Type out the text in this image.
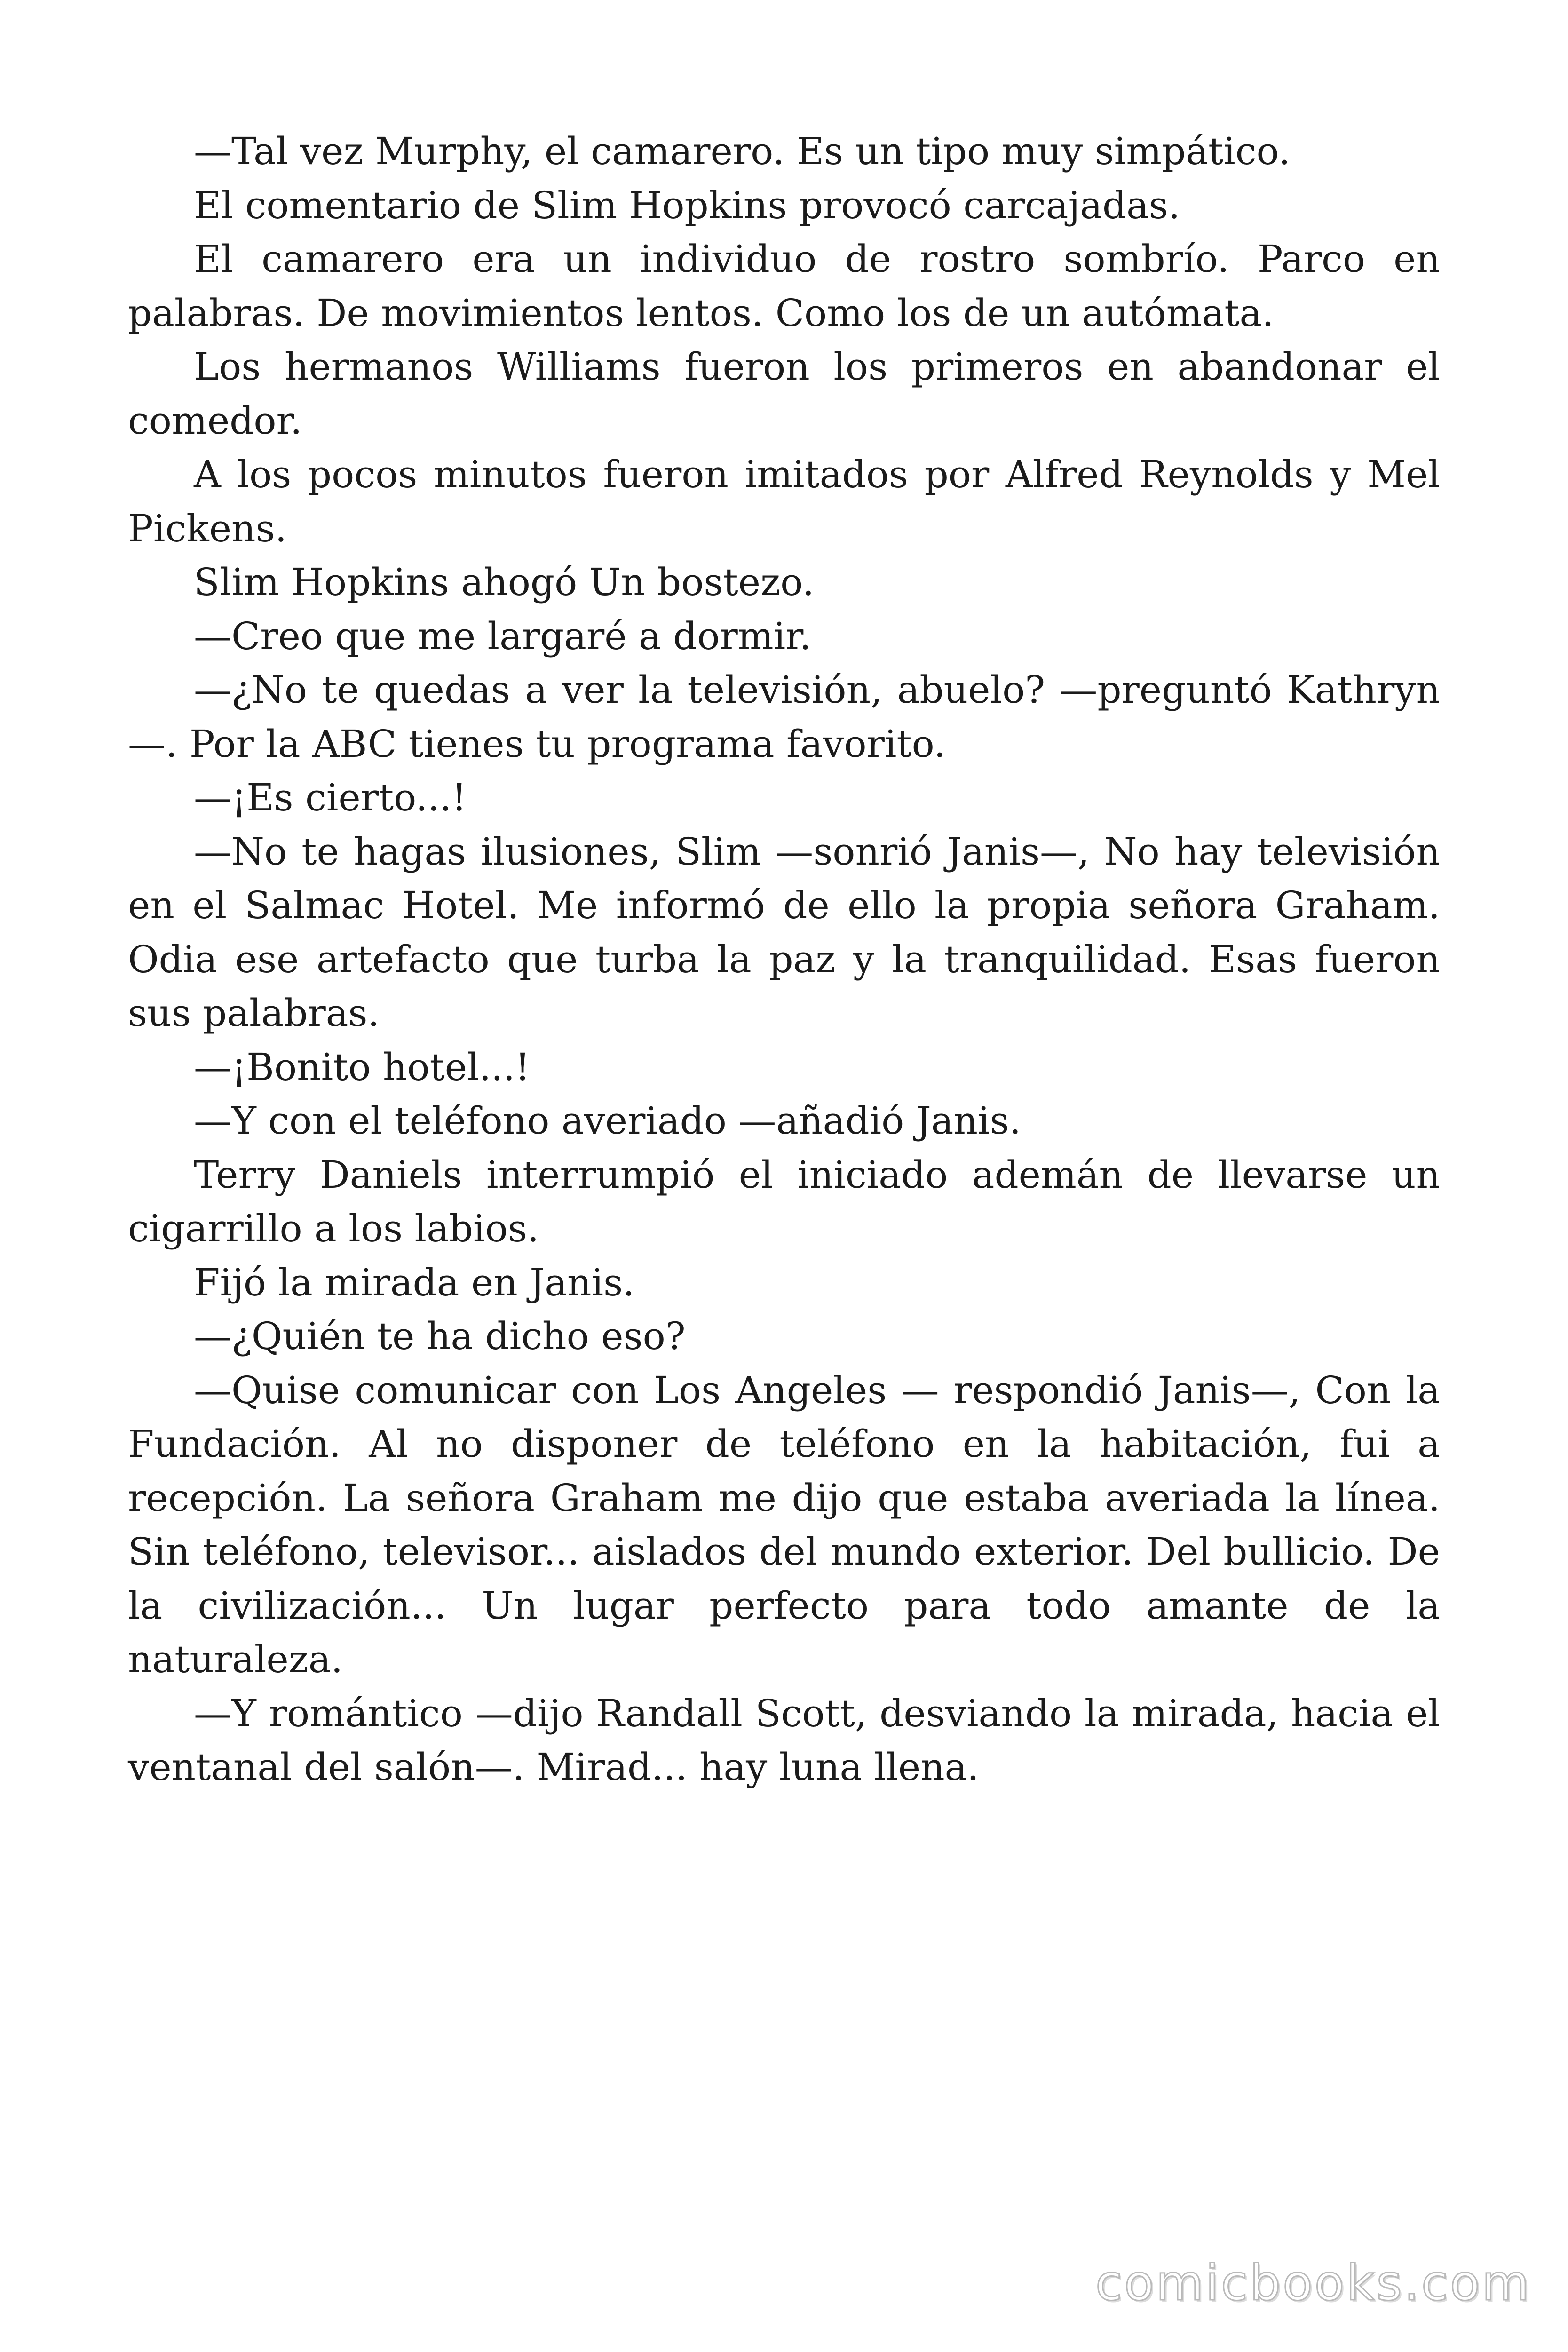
—Tal vez Murphy, el camarero. Es un tipo muy simpático.

El comentario de Slim Hopkins provocó carcajadas.

El camarero era un individuo de rostro sombrío. Parco en palabras. De movimientos lentos. Como los de un autómata.

Los hermanos Williams fueron los primeros en abandonar el comedor.

A los pocos minutos fueron imitados por Alfred Reynolds y Mel Pickens.

Slim Hopkins ahogó Un bostezo.

—Creo que me largaré a dormir.

—¿No te quedas a ver la televisión, abuelo? —preguntó Kathryn —. Por la ABC tienes tu programa favorito.

—¡Es cierto...!

—No te hagas ilusiones, Slim —sonrió Janis—, No hay televisión en el Salmac Hotel. Me informó de ello la propia señora Graham. Odia ese artefacto que turba la paz y la tranquilidad. Esas fueron sus palabras.

—¡Bonito hotel...!

—Y con el teléfono averiado —añadió Janis.

Terry Daniels interrumpió el iniciado ademán de llevarse un cigarrillo a los labios.

Fijó la mirada en Janis.

—¿Quién te ha dicho eso?

—Quise comunicar con Los Angeles — respondió Janis—, Con la Fundación. Al no disponer de teléfono en la habitación, fui a recepción. La señora Graham me dijo que estaba averiada la línea. Sin teléfono, televisor... aislados del mundo exterior. Del bullicio. De la civilización... Un lugar perfecto para todo amante de la naturaleza.

—Y romántico —dijo Randall Scott, desviando la mirada, hacia el ventanal del salón—. Mirad... hay luna llena.

comicbooks.com
